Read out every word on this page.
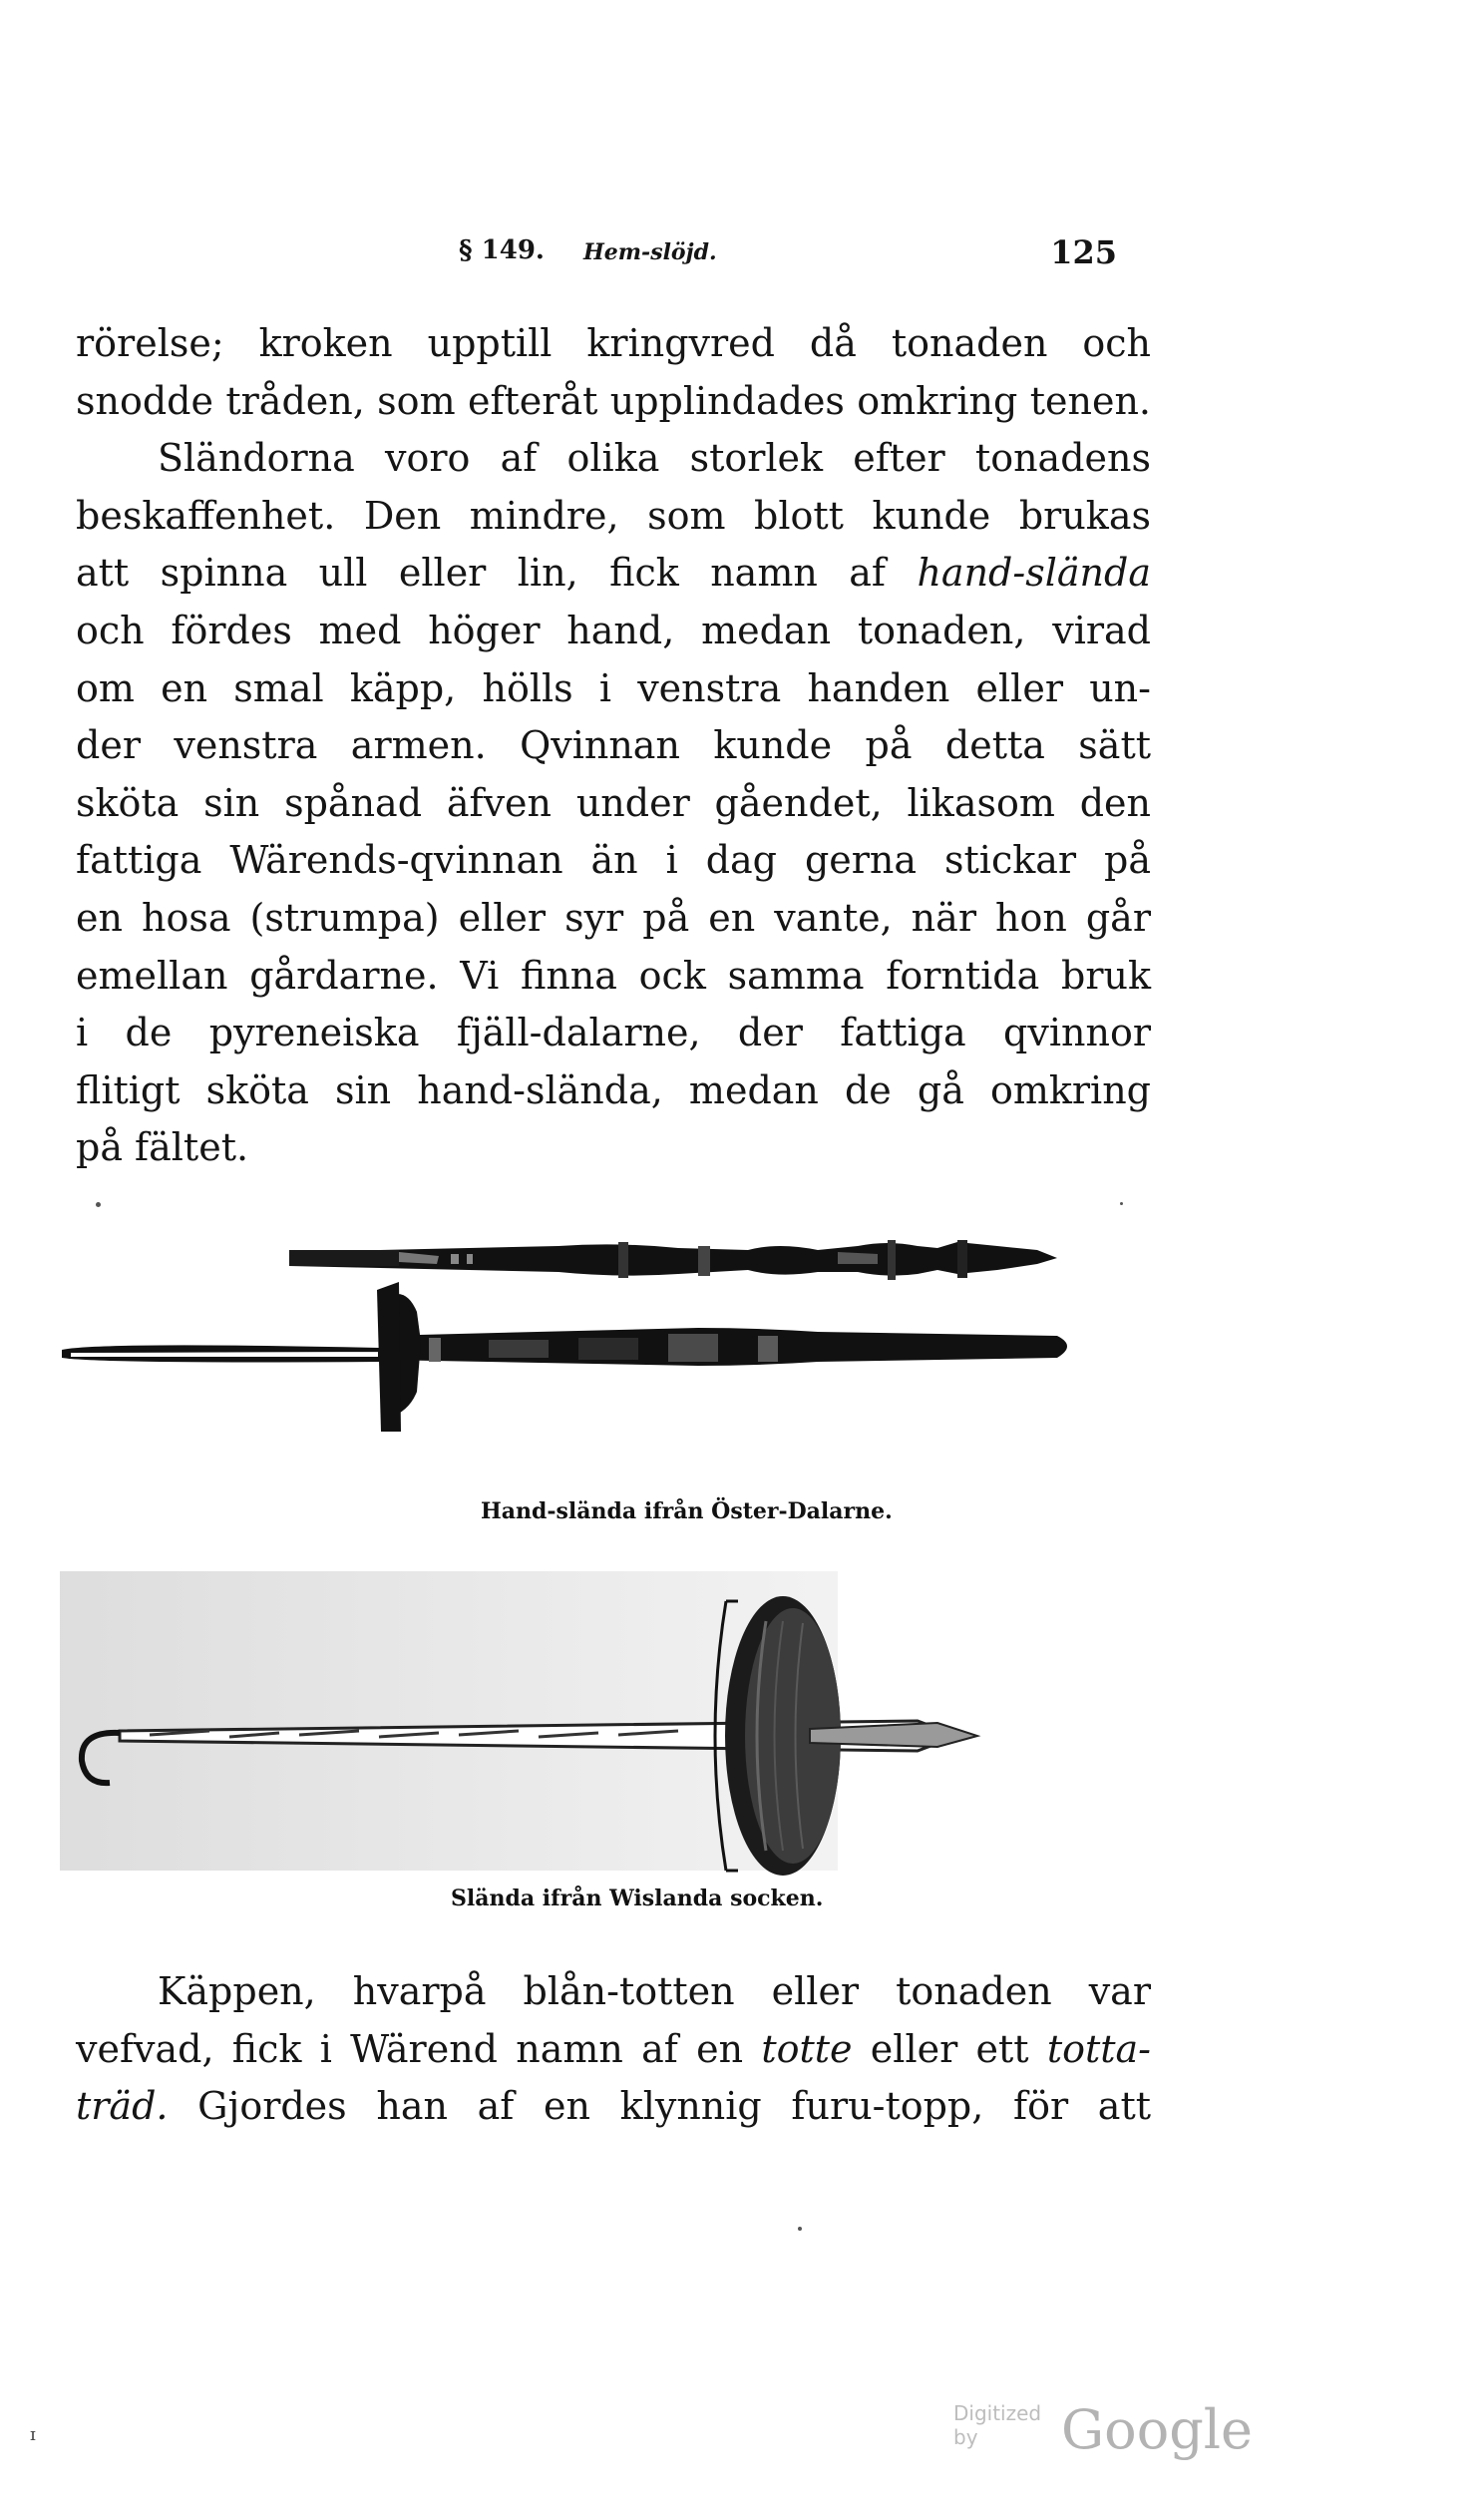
§ 149. Hem-slöjd.	125
rörelse; kroken upptill kringvred då tonaden och
snodde tråden, som efteråt upplindades omkring tenen.
Sländorna voro af olika storlek efter tonadens
beskaffenhet. Den mindre, som blott kunde brukas
att spinna ull eller lin, fick namn af hand-slända
och fördes med höger hand, medan tonaden, virad
om en smal käpp, hölls i venstra handen eller un-
der venstra armen. Qvinnan kunde på detta sätt
sköta sin spånad äfven under gåendet, likasom den
fattiga Wärends-qvinnan än i dag gerna stickar på
en hosa (strumpa) eller syr på en vante, när hon går
emellan gårdarne. Vi finna ock samma forntida bruk
i de pyreneiska fjäll-dalarne, der fattiga qvinnor
flitigt sköta sin hand-slända, medan de gå omkring
på fältet.
Hand-slända ifrån Öster-Dalarne.
Slända ifrån Wislanda socken.
Käppen, hvarpå blån-totten eller tonaden var
vefvad, fick i Wärend namn af en totte eller ett totta-
träd. Gjordes han af en klynnig furu-topp, för att
ɪ
Digitized by	Google
